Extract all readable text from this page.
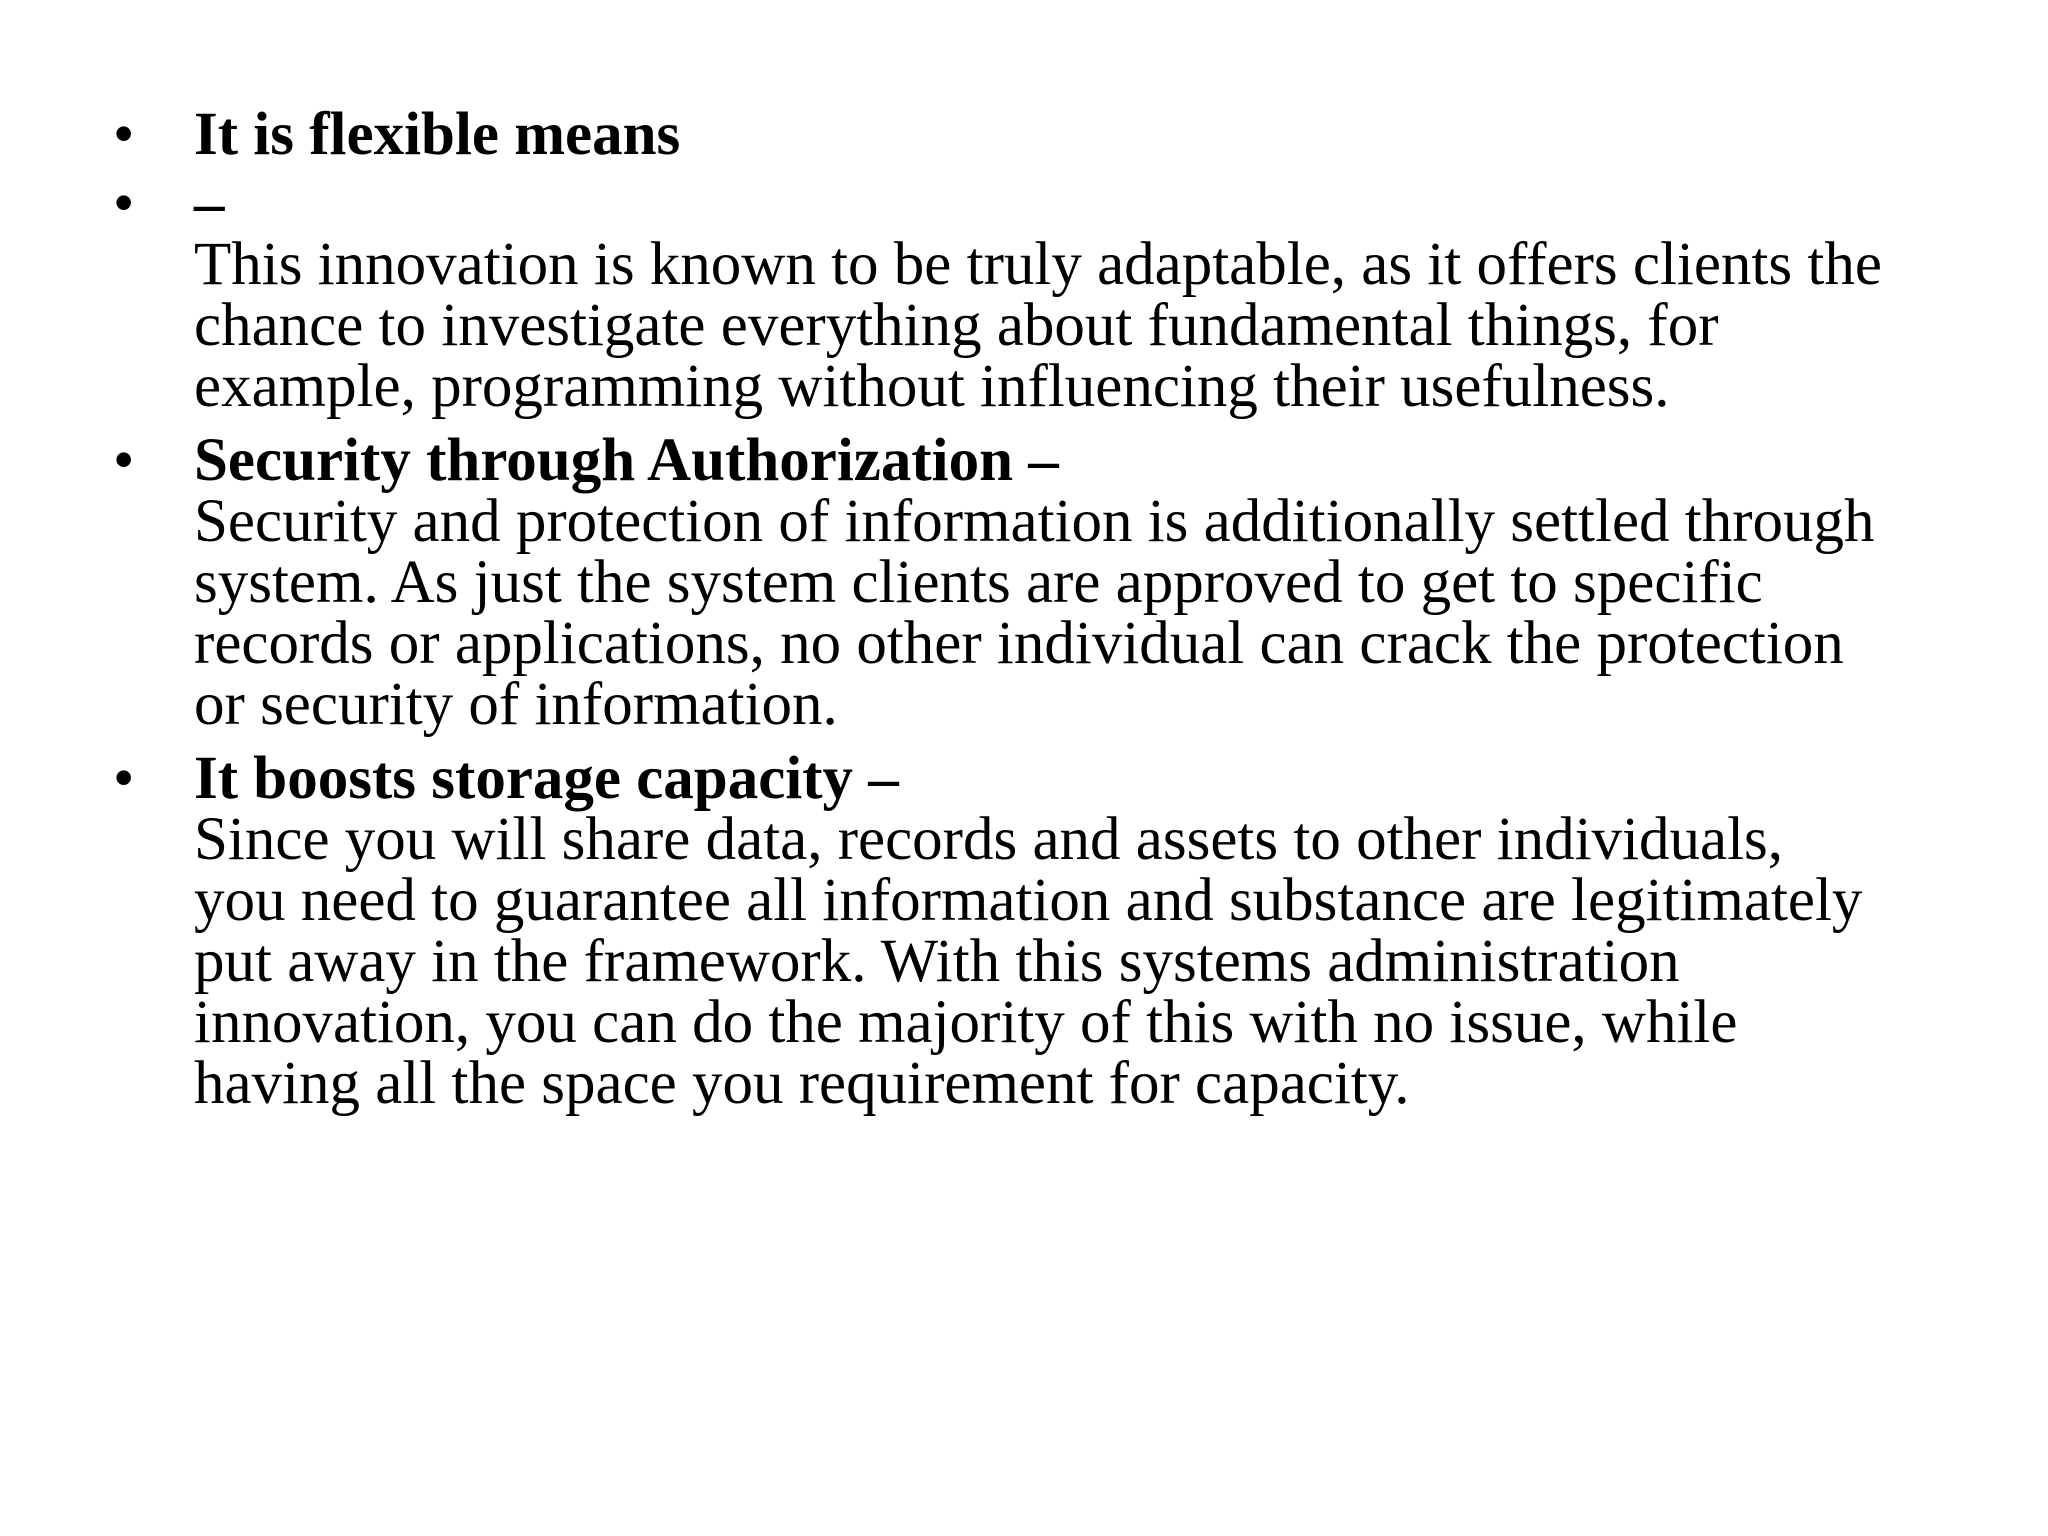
• It is flexible means
• –
This innovation is known to be truly adaptable, as it offers clients the
chance to investigate everything about fundamental things, for
example, programming without influencing their usefulness.
• Security through Authorization –
Security and protection of information is additionally settled through
system. As just the system clients are approved to get to specific
records or applications, no other individual can crack the protection
or security of information.
• It boosts storage capacity –
Since you will share data, records and assets to other individuals,
you need to guarantee all information and substance are legitimately
put away in the framework. With this systems administration
innovation, you can do the majority of this with no issue, while
having all the space you requirement for capacity.
